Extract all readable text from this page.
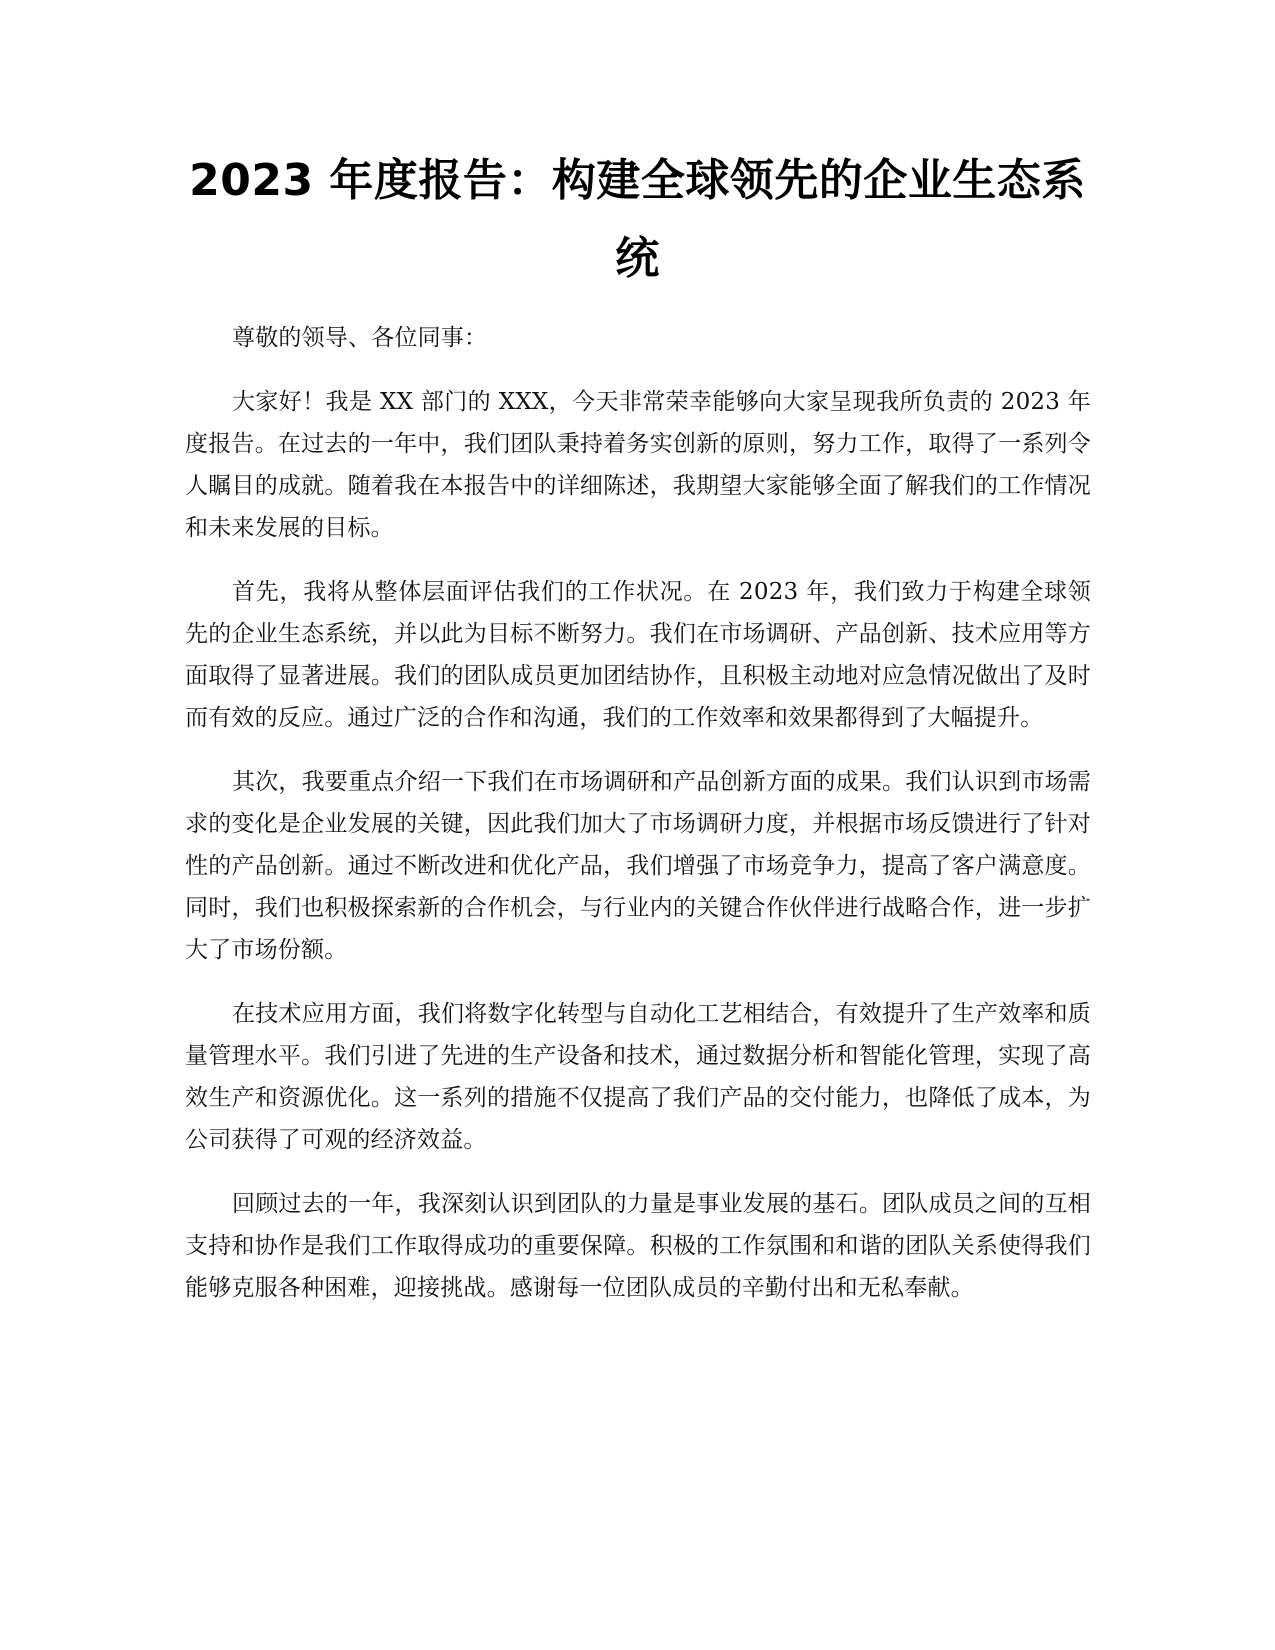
2023 年度报告：构建全球领先的企业生态系统

尊敬的领导、各位同事：

大家好！我是 XX 部门的 XXX，今天非常荣幸能够向大家呈现我所负责的 2023 年度报告。在过去的一年中，我们团队秉持着务实创新的原则，努力工作，取得了一系列令人瞩目的成就。随着我在本报告中的详细陈述，我期望大家能够全面了解我们的工作情况和未来发展的目标。

首先，我将从整体层面评估我们的工作状况。在 2023 年，我们致力于构建全球领先的企业生态系统，并以此为目标不断努力。我们在市场调研、产品创新、技术应用等方面取得了显著进展。我们的团队成员更加团结协作，且积极主动地对应急情况做出了及时而有效的反应。通过广泛的合作和沟通，我们的工作效率和效果都得到了大幅提升。

其次，我要重点介绍一下我们在市场调研和产品创新方面的成果。我们认识到市场需求的变化是企业发展的关键，因此我们加大了市场调研力度，并根据市场反馈进行了针对性的产品创新。通过不断改进和优化产品，我们增强了市场竞争力，提高了客户满意度。同时，我们也积极探索新的合作机会，与行业内的关键合作伙伴进行战略合作，进一步扩大了市场份额。

在技术应用方面，我们将数字化转型与自动化工艺相结合，有效提升了生产效率和质量管理水平。我们引进了先进的生产设备和技术，通过数据分析和智能化管理，实现了高效生产和资源优化。这一系列的措施不仅提高了我们产品的交付能力，也降低了成本，为公司获得了可观的经济效益。

回顾过去的一年，我深刻认识到团队的力量是事业发展的基石。团队成员之间的互相支持和协作是我们工作取得成功的重要保障。积极的工作氛围和和谐的团队关系使得我们能够克服各种困难，迎接挑战。感谢每一位团队成员的辛勤付出和无私奉献。
